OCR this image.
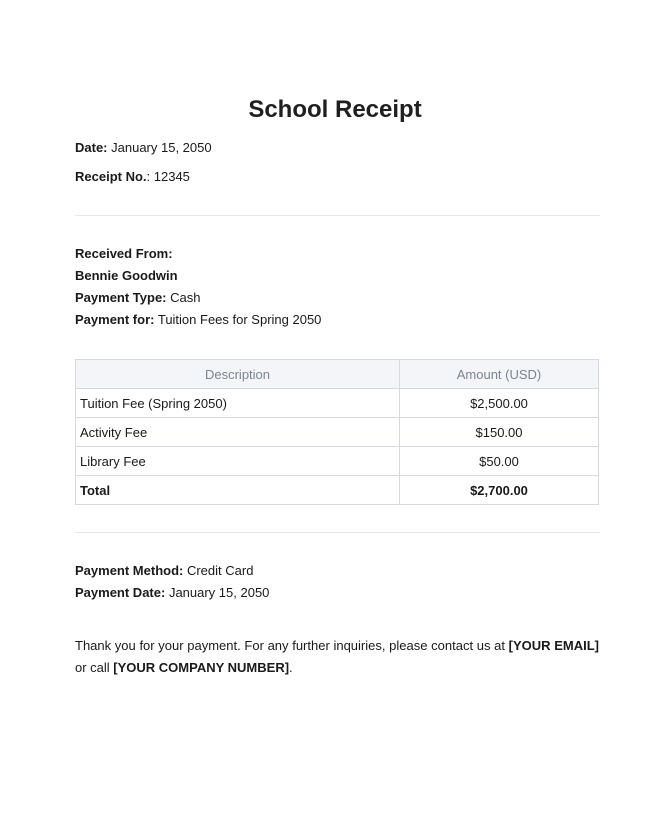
School Receipt
Date: January 15, 2050
Receipt No.: 12345
Received From:
Bennie Goodwin
Payment Type: Cash
Payment for: Tuition Fees for Spring 2050
Description	Amount (USD)
Tuition Fee (Spring 2050)	$2,500.00
Activity Fee	$150.00
Library Fee	$50.00
Total	$2,700.00
Payment Method: Credit Card
Payment Date: January 15, 2050

Thank you for your payment. For any further inquiries, please contact us at [YOUR EMAIL] or call [YOUR COMPANY NUMBER].
